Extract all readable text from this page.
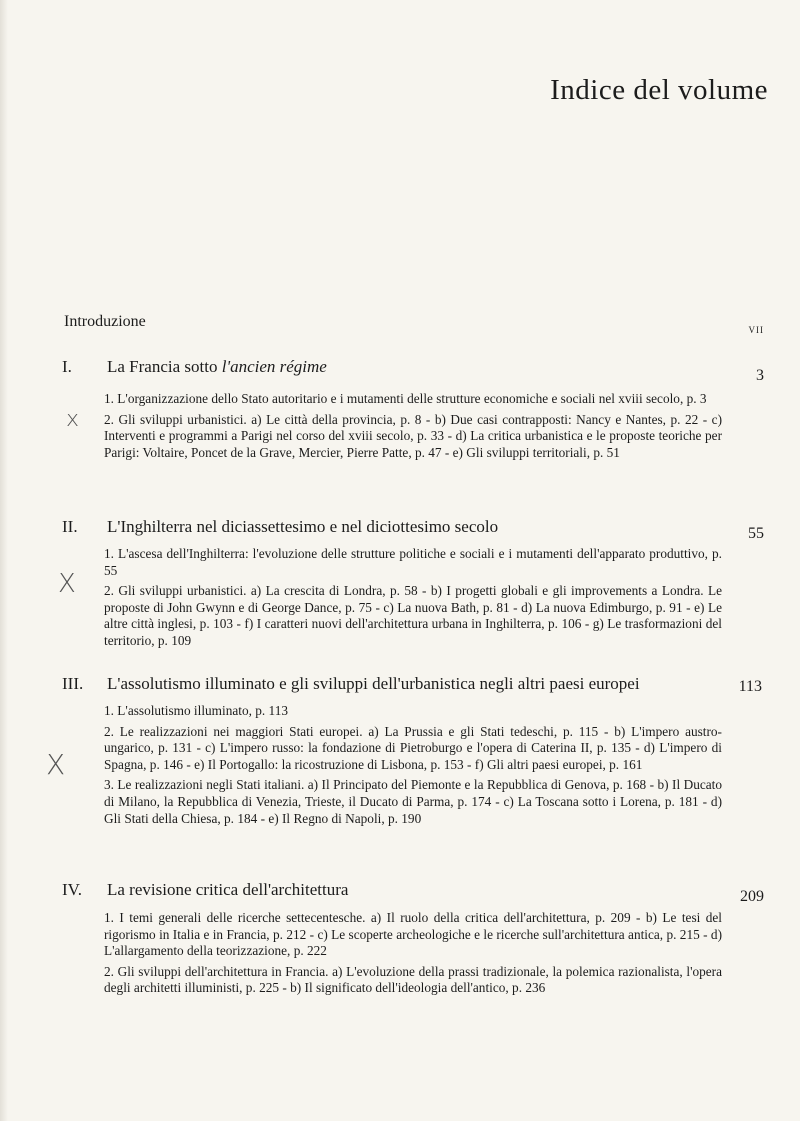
Indice del volume
Introduzione	vii
I.	La Francia sotto l'ancien régime	3
x

1. L'organizzazione dello Stato autoritario e i mutamenti delle strutture economiche e sociali nel xviii secolo, p. 3

2. Gli sviluppi urbanistici. a) Le città della provincia, p. 8 - b) Due casi contrapposti: Nancy e Nantes, p. 22 - c) Interventi e programmi a Parigi nel corso del xviii secolo, p. 33 - d) La critica urbanistica e le proposte teoriche per Parigi: Voltaire, Poncet de la Grave, Mercier, Pierre Patte, p. 47 - e) Gli sviluppi territoriali, p. 51

II.	L'Inghilterra nel diciassettesimo e nel diciottesimo secolo	55
X

1. L'ascesa dell'Inghilterra: l'evoluzione delle strutture politiche e sociali e i mutamenti dell'apparato produttivo, p. 55

2. Gli sviluppi urbanistici. a) La crescita di Londra, p. 58 - b) I progetti globali e gli improvements a Londra. Le proposte di John Gwynn e di George Dance, p. 75 - c) La nuova Bath, p. 81 - d) La nuova Edimburgo, p. 91 - e) Le altre città inglesi, p. 103 - f) I caratteri nuovi dell'architettura urbana in Inghilterra, p. 106 - g) Le trasformazioni del territorio, p. 109

III.	L'assolutismo illuminato e gli sviluppi dell'urbanistica negli altri paesi europei	113
X

1. L'assolutismo illuminato, p. 113

2. Le realizzazioni nei maggiori Stati europei. a) La Prussia e gli Stati tedeschi, p. 115 - b) L'impero austro-ungarico, p. 131 - c) L'impero russo: la fondazione di Pietroburgo e l'opera di Caterina II, p. 135 - d) L'impero di Spagna, p. 146 - e) Il Portogallo: la ricostruzione di Lisbona, p. 153 - f) Gli altri paesi europei, p. 161

3. Le realizzazioni negli Stati italiani. a) Il Principato del Piemonte e la Repubblica di Genova, p. 168 - b) Il Ducato di Milano, la Repubblica di Venezia, Trieste, il Ducato di Parma, p. 174 - c) La Toscana sotto i Lorena, p. 181 - d) Gli Stati della Chiesa, p. 184 - e) Il Regno di Napoli, p. 190

IV.	La revisione critica dell'architettura	209

1. I temi generali delle ricerche settecentesche. a) Il ruolo della critica dell'architettura, p. 209 - b) Le tesi del rigorismo in Italia e in Francia, p. 212 - c) Le scoperte archeologiche e le ricerche sull'architettura antica, p. 215 - d) L'allargamento della teorizzazione, p. 222

2. Gli sviluppi dell'architettura in Francia. a) L'evoluzione della prassi tradizionale, la polemica razionalista, l'opera degli architetti illuministi, p. 225 - b) Il significato dell'ideologia dell'antico, p. 236
